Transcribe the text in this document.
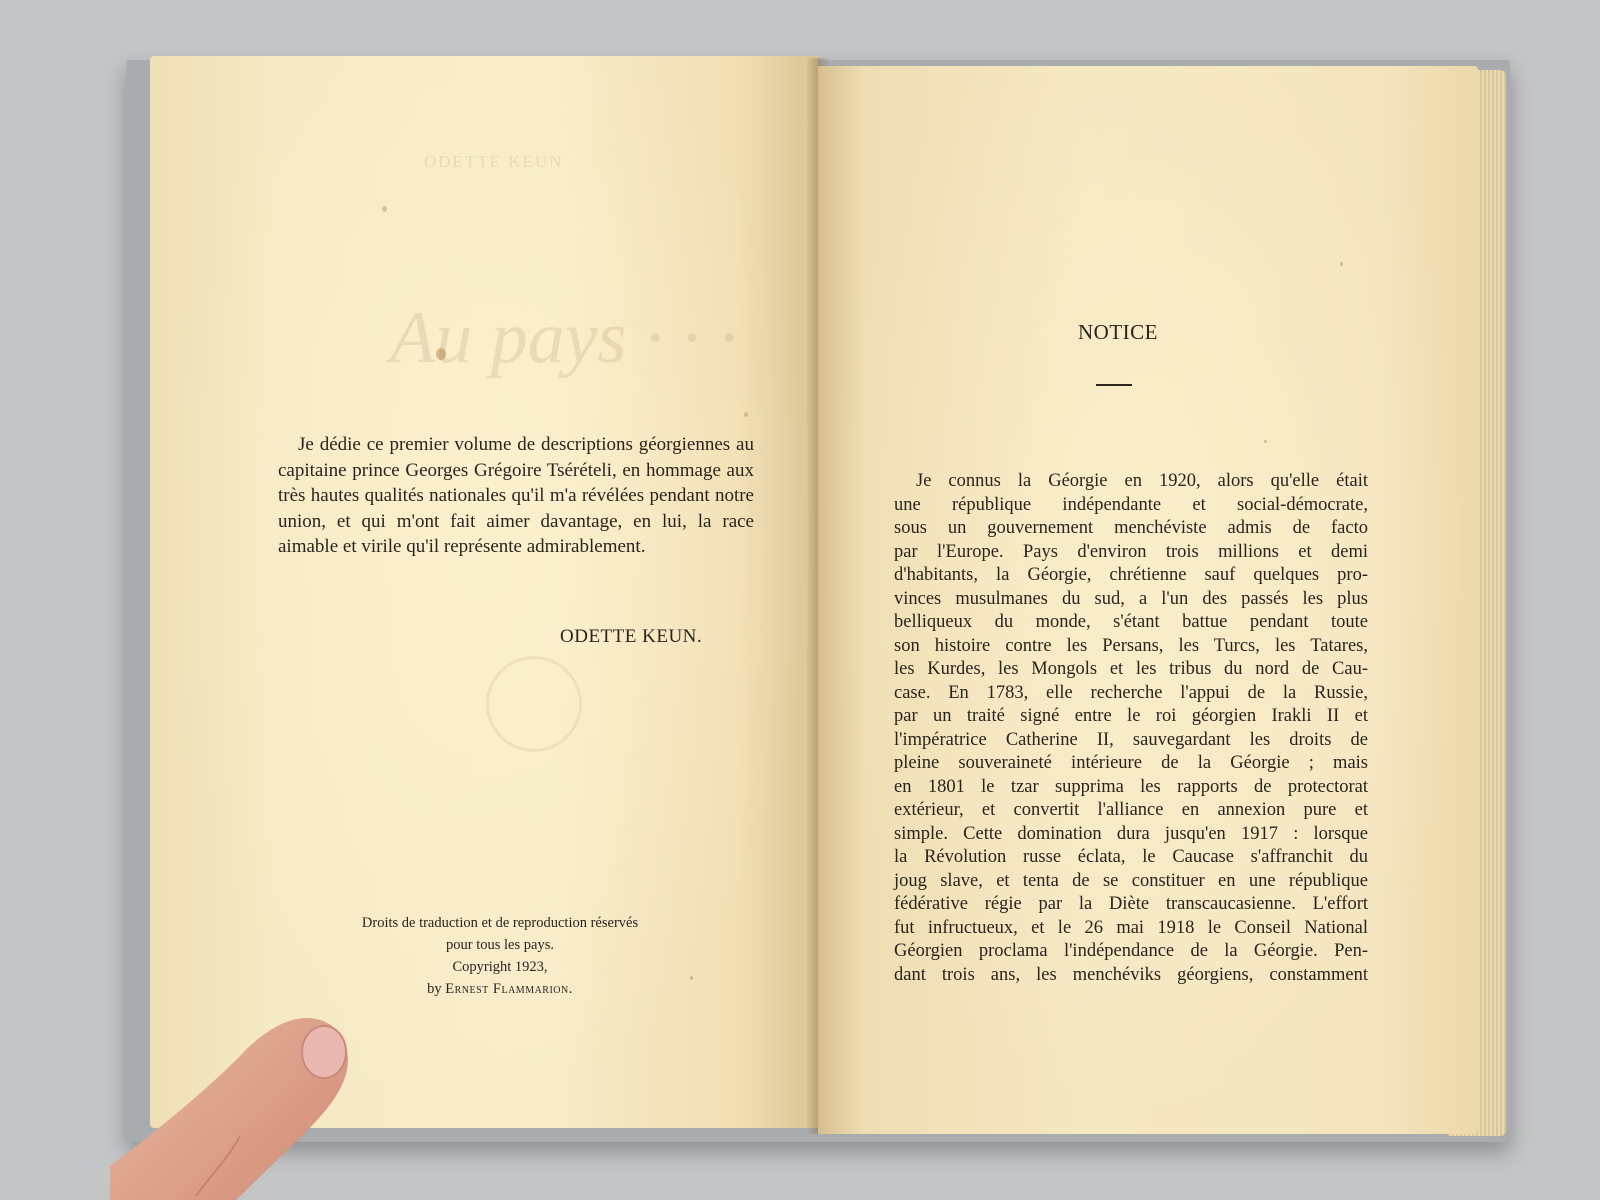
ODETTE KEUN
Au pays · · ·
Je dédie ce premier volume de descriptions géorgiennes au capitaine prince Georges Grégoire Tsérételi, en hommage aux très hautes qualités nationales qu'il m'a révélées pendant notre union, et qui m'ont fait aimer davantage, en lui, la race aimable et virile qu'il représente admirablement.
ODETTE KEUN.
Droits de traduction et de reproduction réservés
pour tous les pays.
Copyright 1923,
by Ernest Flammarion.
NOTICE
Je connus la Géorgie en 1920, alors qu'elle était
une république indépendante et social-démocrate,
sous un gouvernement menchéviste admis de facto
par l'Europe. Pays d'environ trois millions et demi
d'habitants, la Géorgie, chrétienne sauf quelques pro-
vinces musulmanes du sud, a l'un des passés les plus
belliqueux du monde, s'étant battue pendant toute
son histoire contre les Persans, les Turcs, les Tatares,
les Kurdes, les Mongols et les tribus du nord de Cau-
case. En 1783, elle recherche l'appui de la Russie,
par un traité signé entre le roi géorgien Irakli II et
l'impératrice Catherine II, sauvegardant les droits de
pleine souveraineté intérieure de la Géorgie ; mais
en 1801 le tzar supprima les rapports de protectorat
extérieur, et convertit l'alliance en annexion pure et
simple. Cette domination dura jusqu'en 1917 : lorsque
la Révolution russe éclata, le Caucase s'affranchit du
joug slave, et tenta de se constituer en une république
fédérative régie par la Diète transcaucasienne. L'effort
fut infructueux, et le 26 mai 1918 le Conseil National
Géorgien proclama l'indépendance de la Géorgie. Pen-
dant trois ans, les menchéviks géorgiens, constamment
